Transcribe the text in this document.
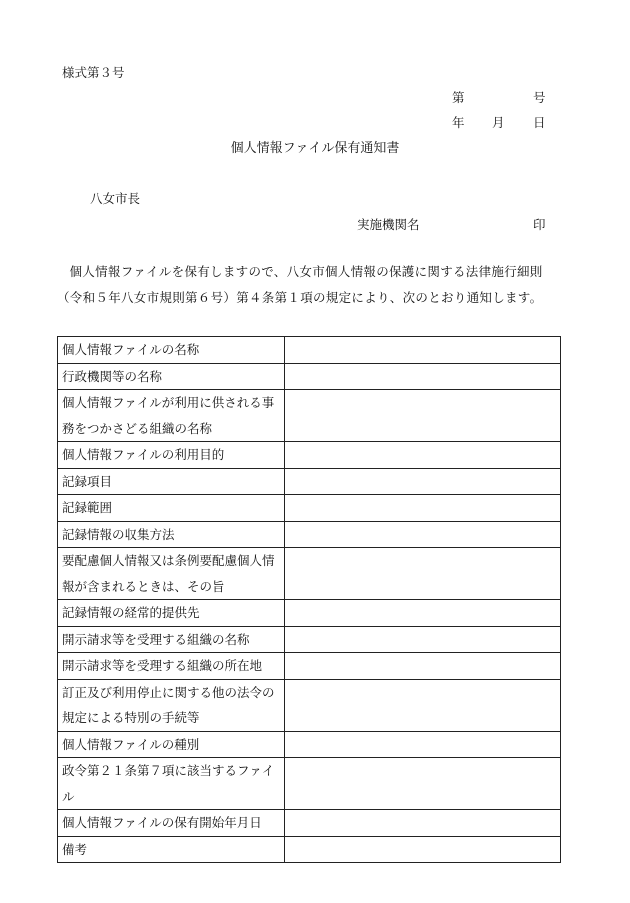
様式第３号
第	号
年 月 日
個人情報ファイル保有通知書
八女市長
実施機関名	印
個人情報ファイルを保有しますので、八女市個人情報の保護に関する法律施行細則（令和５年八女市規則第６号）第４条第１項の規定により、次のとおり通知します。
個人情報ファイルの名称	
行政機関等の名称	
個人情報ファイルが利用に供される事務をつかさどる組織の名称	
個人情報ファイルの利用目的	
記録項目	
記録範囲	
記録情報の収集方法	
要配慮個人情報又は条例要配慮個人情報が含まれるときは、その旨	
記録情報の経常的提供先	
開示請求等を受理する組織の名称	
開示請求等を受理する組織の所在地	
訂正及び利用停止に関する他の法令の規定による特別の手続等	
個人情報ファイルの種別	
政令第２１条第７項に該当するファイル	
個人情報ファイルの保有開始年月日	
備考	
